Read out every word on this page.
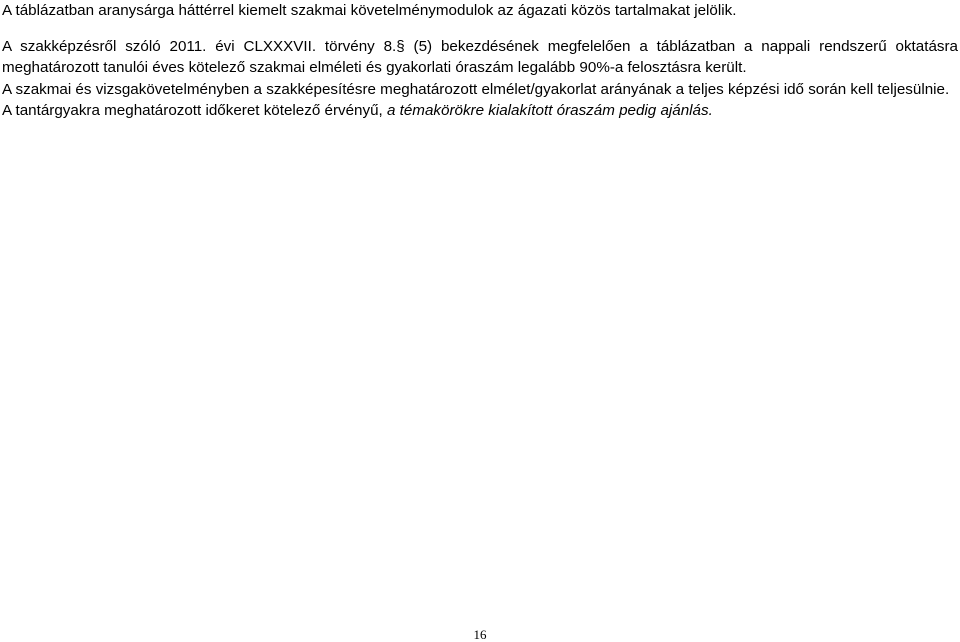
A táblázatban aranysárga háttérrel kiemelt szakmai követelménymodulok az ágazati közös tartalmakat jelölik.

A szakképzésről szóló 2011. évi CLXXXVII. törvény 8.§ (5) bekezdésének megfelelően a táblázatban a nappali rendszerű oktatásra meghatározott tanulói éves kötelező szakmai elméleti és gyakorlati óraszám legalább 90%-a felosztásra került.

A szakmai és vizsgakövetelményben a szakképesítésre meghatározott elmélet/gyakorlat arányának a teljes képzési idő során kell teljesülnie.

A tantárgyakra meghatározott időkeret kötelező érvényű, a témakörökre kialakított óraszám pedig ajánlás.

16
